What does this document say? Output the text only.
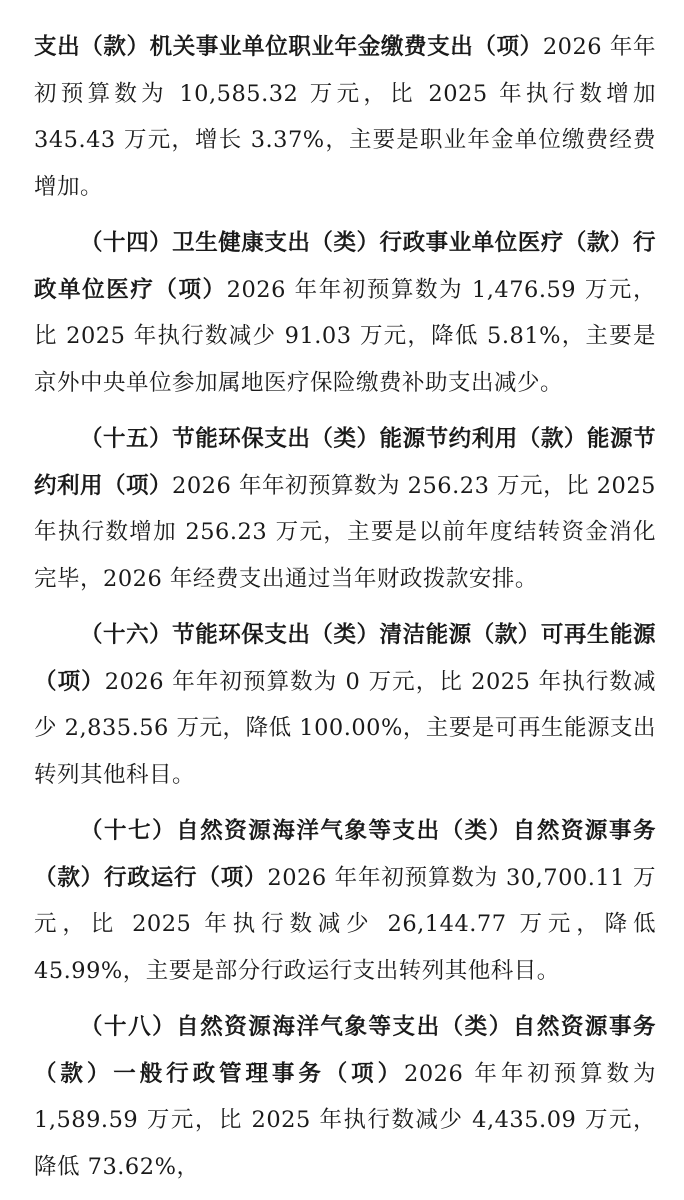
支出（款）机关事业单位职业年金缴费支出（项）2026 年年初预算数为 10,585.32 万元，比 2025 年执行数增加 345.43 万元，增长 3.37%，主要是职业年金单位缴费经费增加。

（十四）卫生健康支出（类）行政事业单位医疗（款）行政单位医疗（项）2026 年年初预算数为 1,476.59 万元，比 2025 年执行数减少 91.03 万元，降低 5.81%，主要是京外中央单位参加属地医疗保险缴费补助支出减少。

（十五）节能环保支出（类）能源节约利用（款）能源节约利用（项）2026 年年初预算数为 256.23 万元，比 2025 年执行数增加 256.23 万元，主要是以前年度结转资金消化完毕，2026 年经费支出通过当年财政拨款安排。

（十六）节能环保支出（类）清洁能源（款）可再生能源（项）2026 年年初预算数为 0 万元，比 2025 年执行数减少 2,835.56 万元，降低 100.00%，主要是可再生能源支出转列其他科目。

（十七）自然资源海洋气象等支出（类）自然资源事务（款）行政运行（项）2026 年年初预算数为 30,700.11 万元，比 2025 年执行数减少 26,144.77 万元，降低 45.99%，主要是部分行政运行支出转列其他科目。

（十八）自然资源海洋气象等支出（类）自然资源事务（款）一般行政管理事务（项）2026 年年初预算数为 1,589.59 万元，比 2025 年执行数减少 4,435.09 万元，降低 73.62%，
